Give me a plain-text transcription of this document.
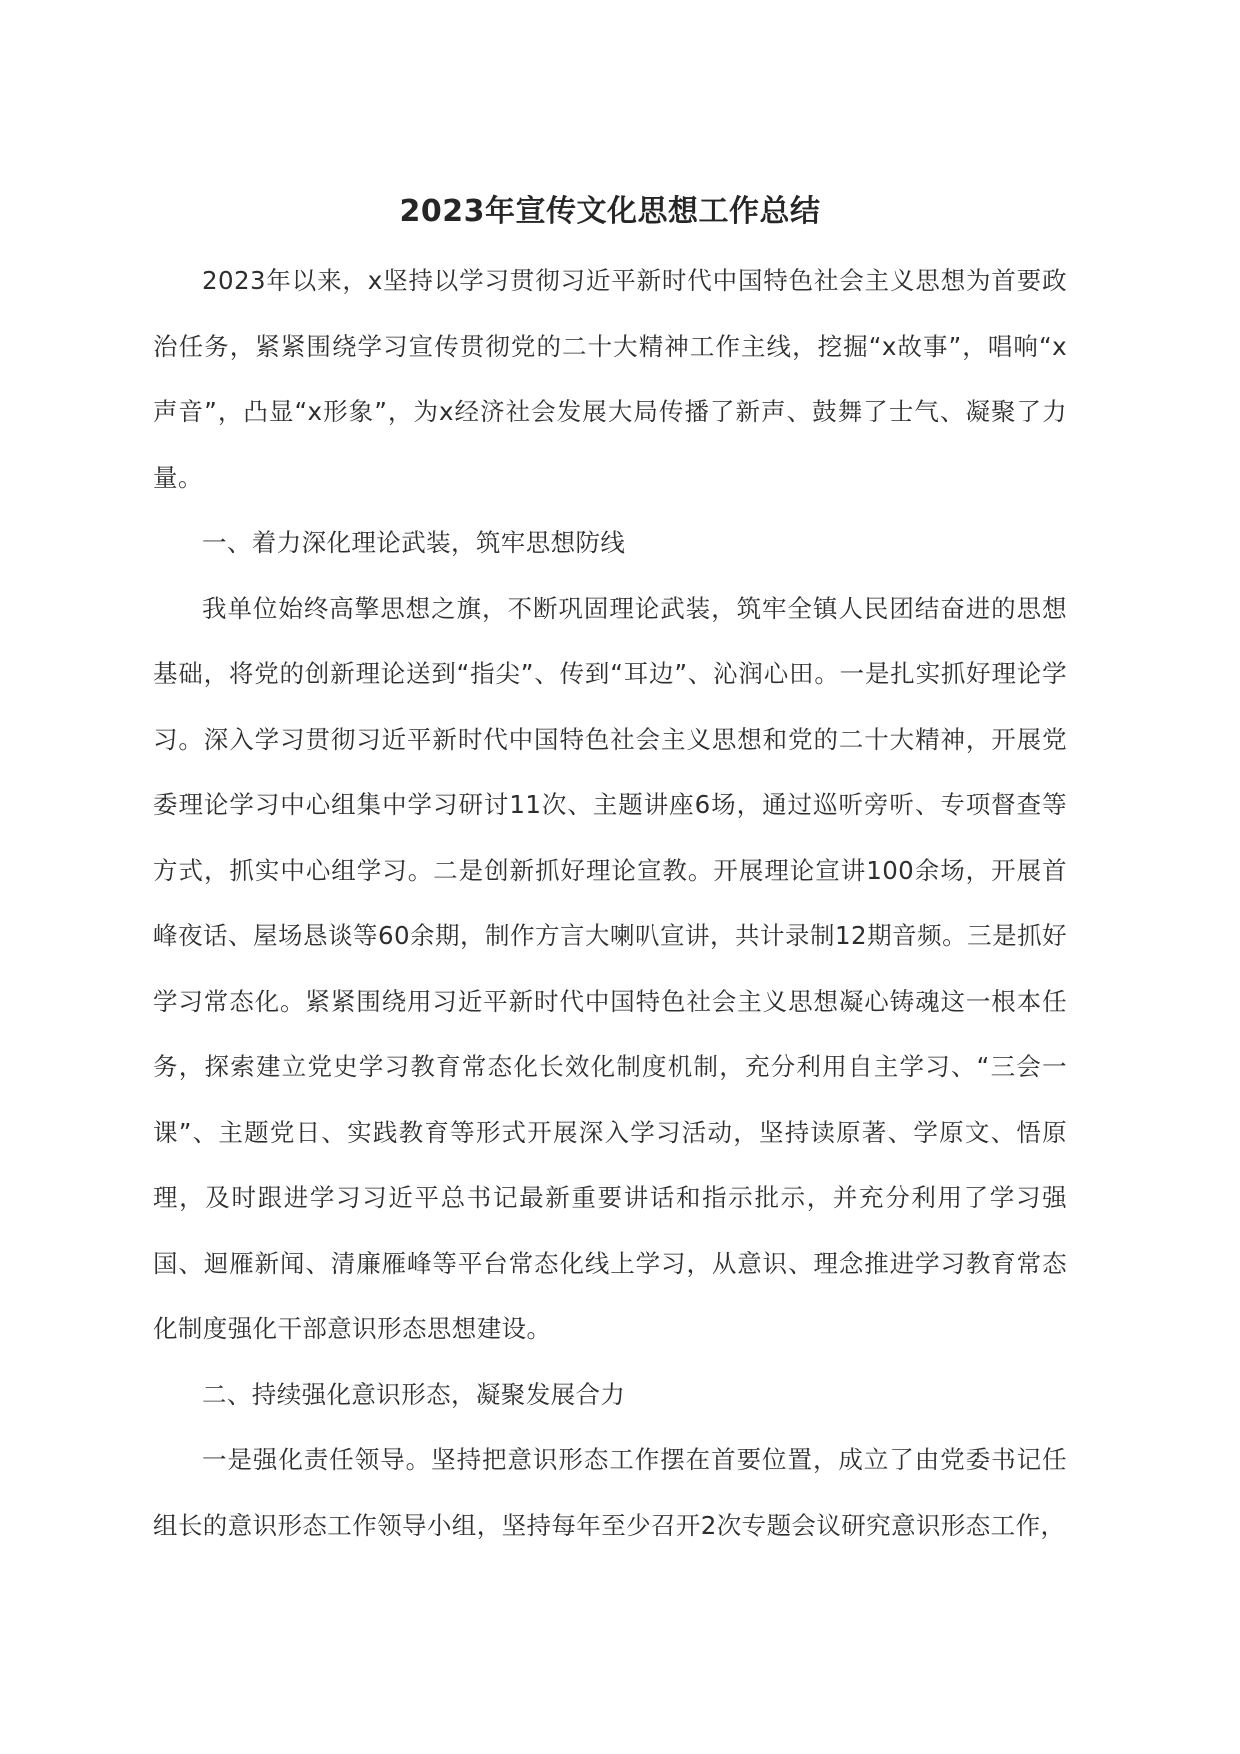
2023年宣传文化思想工作总结

2023年以来，x坚持以学习贯彻习近平新时代中国特色社会主义思想为首要政治任务，紧紧围绕学习宣传贯彻党的二十大精神工作主线，挖掘“x故事”，唱响“x声音”，凸显“x形象”，为x经济社会发展大局传播了新声、鼓舞了士气、凝聚了力量。

一、着力深化理论武装，筑牢思想防线

我单位始终高擎思想之旗，不断巩固理论武装，筑牢全镇人民团结奋进的思想基础，将党的创新理论送到“指尖”、传到“耳边”、沁润心田。一是扎实抓好理论学习。深入学习贯彻习近平新时代中国特色社会主义思想和党的二十大精神，开展党委理论学习中心组集中学习研讨11次、主题讲座6场，通过巡听旁听、专项督查等方式，抓实中心组学习。二是创新抓好理论宣教。开展理论宣讲100余场，开展首峰夜话、屋场恳谈等60余期，制作方言大喇叭宣讲，共计录制12期音频。三是抓好学习常态化。紧紧围绕用习近平新时代中国特色社会主义思想凝心铸魂这一根本任务，探索建立党史学习教育常态化长效化制度机制，充分利用自主学习、“三会一课”、主题党日、实践教育等形式开展深入学习活动，坚持读原著、学原文、悟原理，及时跟进学习习近平总书记最新重要讲话和指示批示，并充分利用了学习强国、迴雁新闻、清廉雁峰等平台常态化线上学习，从意识、理念推进学习教育常态化制度强化干部意识形态思想建设。

二、持续强化意识形态，凝聚发展合力

一是强化责任领导。坚持把意识形态工作摆在首要位置，成立了由党委书记任组长的意识形态工作领导小组，坚持每年至少召开2次专题会议研究意识形态工作，
